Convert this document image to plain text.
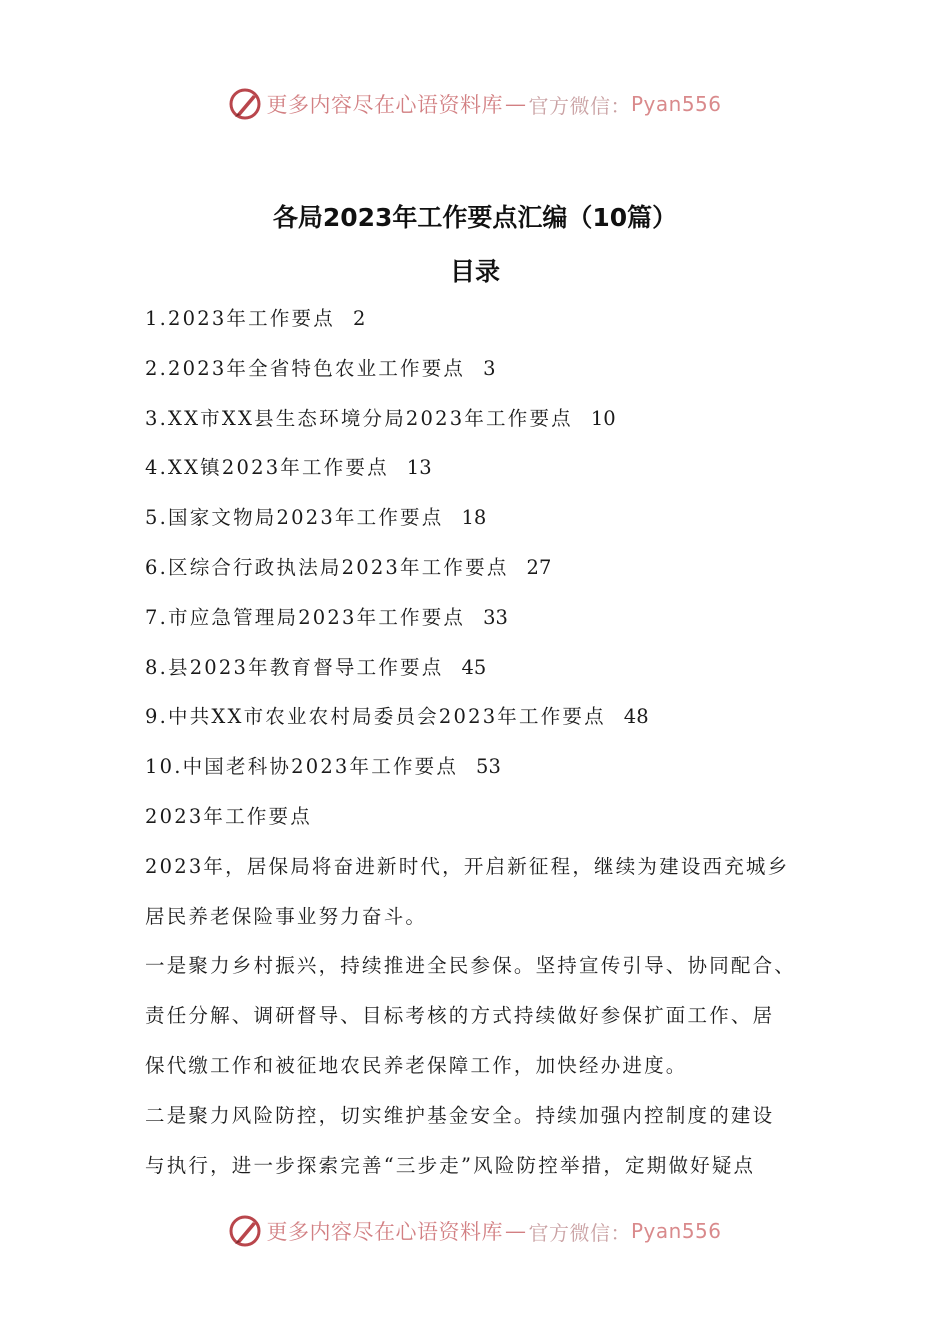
更多内容尽在心语资料库 — 官方微信： Pyan556
各局2023年工作要点汇编（10篇）
目录
1.2023年工作要点 2
2.2023年全省特色农业工作要点 3
3.XX市XX县生态环境分局2023年工作要点 10
4.XX镇2023年工作要点 13
5.国家文物局2023年工作要点 18
6.区综合行政执法局2023年工作要点 27
7.市应急管理局2023年工作要点 33
8.县2023年教育督导工作要点 45
9.中共XX市农业农村局委员会2023年工作要点 48
10.中国老科协2023年工作要点 53
2023年工作要点
2023年，居保局将奋进新时代，开启新征程，继续为建设西充城乡
居民养老保险事业努力奋斗。
一是聚力乡村振兴，持续推进全民参保。坚持宣传引导、协同配合、
责任分解、调研督导、目标考核的方式持续做好参保扩面工作、居
保代缴工作和被征地农民养老保障工作，加快经办进度。
二是聚力风险防控，切实维护基金安全。持续加强内控制度的建设
与执行，进一步探索完善“三步走”风险防控举措，定期做好疑点
更多内容尽在心语资料库 — 官方微信： Pyan556
